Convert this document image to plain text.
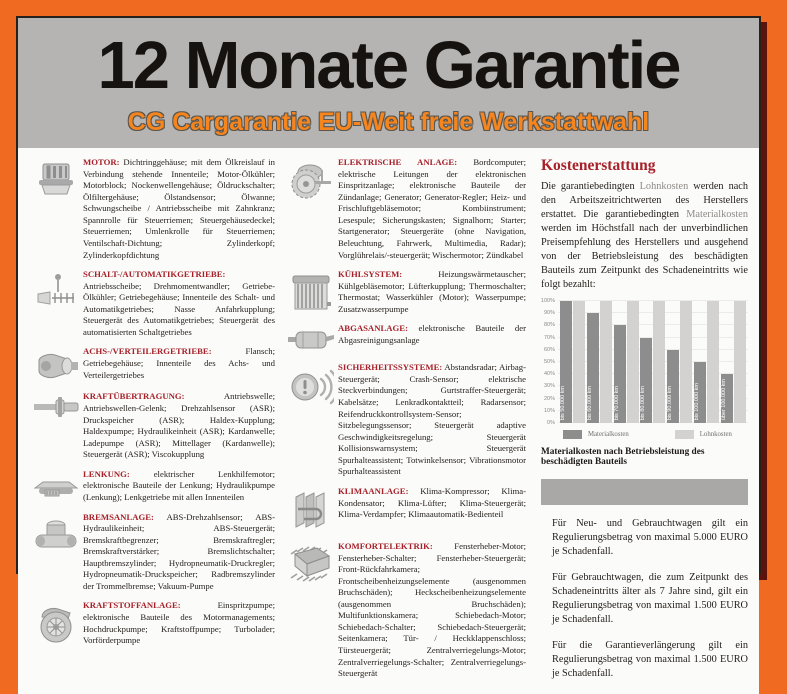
12 Monate Garantie
CG Cargarantie EU-Weit freie Werkstattwahl

MOTOR: Dichtringgehäuse; mit dem Ölkreislauf in Verbindung stehende Innenteile; Motor-Ölkühler; Motorblock; Nockenwellengehäuse; Öldruckschalter; Ölfiltergehäuse; Ölstandsensor; Ölwanne; Schwungscheibe / Antriebsscheibe mit Zahnkranz; Spannrolle für Steuerriemen; Steuergehäusedeckel; Steuerriemen; Umlenkrolle für Steuerriemen; Ventilschaft-Dichtung; Zylinderkopf; Zylinderkopfdichtung

SCHALT-/AUTOMATIKGETRIEBE: Antriebsscheibe; Drehmomentwandler; Getriebe-Ölkühler; Getriebegehäuse; Innenteile des Schalt- und Automatikgetriebes; Nasse Anfahrkupplung; Steuergerät des Automatikgetriebes; Steuergerät des automatisierten Schaltgetriebes

ACHS-/VERTEILERGETRIEBE:	Flansch; Getriebegehäuse; Innenteile des Achs- und Verteilergetriebes

KRAFTÜBERTRAGUNG:	Antriebswelle; Antriebswellen-Gelenk; Drehzahlsensor (ASR); Druckspeicher (ASR); Haldex-Kupplung; Haldexpumpe; Hydraulikeinheit (ASR); Kardanwelle; Ladepumpe (ASR); Mittellager (Kardanwelle); Steuergerät (ASR); Viscokupplung

LENKUNG:	elektrischer Lenkhilfemotor; elektronische Bauteile der Lenkung; Hydraulikpumpe (Lenkung); Lenkgetriebe mit allen Innenteilen

BREMSANLAGE: ABS-Drehzahlsensor; ABS-Hydraulikeinheit; ABS-Steuergerät; Bremskraftbegrenzer; Bremskraftregler; Bremskraftverstärker; Bremslichtschalter; Hauptbremszylinder; Hydropneumatik-Druckregler; Hydropneumatik-Druckspeicher; Radbremszylinder der Trommelbremse; Vakuum-Pumpe

KRAFTSTOFFANLAGE:	Einspritzpumpe; elektronische Bauteile des Motormanagements; Hochdruckpumpe; Kraftstoffpumpe; Turbolader; Vorförderpumpe

ELEKTRISCHE ANLAGE: Bordcomputer; elektrische Leitungen der elektronischen Einspritzanlage; elektronische Bauteile der Zündanlage; Generator; Generator-Regler; Heiz- und Frischluftgebläsemotor; Kombiinstrument; Lesespule; Sicherungskasten; Signalhorn; Starter; Startgenerator; Steuergeräte (ohne Navigation, Beleuchtung, Fahrwerk, Multimedia, Radar); Vorglührelais/-steuergerät; Wischermotor; Zündkabel

KÜHLSYSTEM:	Heizungswärmetauscher; Kühlgebläsemotor; Lüfterkupplung; Thermoschalter; Thermostat; Wasserkühler (Motor); Wasserpumpe; Zusatzwasserpumpe

ABGASANLAGE: elektronische Bauteile der Abgasreinigungsanlage

SICHERHEITSSYSTEME: Abstandsradar; Airbag-Steuergerät; Crash-Sensor; elektrische Steckverbindungen; Gurtstraffer-Steuergerät; Kabelsätze; Lenkradkontaktteil; Radarsensor; Reifendruckkontrollsystem-Sensor; Sitzbelegungssensor; Steuergerät adaptive Geschwindigkeitsregelung; Steuergerät Kollisionswarnsystem; Steuergerät Spurhalteassistent; Totwinkelsensor; Vibrationsmotor Spurhalteassistent

KLIMAANLAGE: Klima-Kompressor; Klima-Kondensator; Klima-Lüfter; Klima-Steuergerät; Klima-Verdampfer; Klimaautomatik-Bedienteil

KOMFORTELEKTRIK: Fensterheber-Motor; Fensterheber-Schalter; Fensterheber-Steuergerät; Front-Rückfahrkamera; Frontscheibenheizungselemente (ausgenommen Bruchschäden); Heckscheibenheizungselemente (ausgenommen Bruchschäden); Multifunktionskamera; Schiebedach-Motor; Schiebedach-Schalter; Schiebedach-Steuergerät; Seitenkamera; Tür- / Heckklappenschloss; Türsteuergerät; Zentralverriegelungs-Motor; Zentralverriegelungs-Schalter; Zentralverriegelungs-Steuergerät

Kostenerstattung

Die garantiebedingten Lohnkosten werden nach den Arbeitszeitrichtwerten des Herstellers erstattet. Die garantiebedingten Materialkosten werden im Höchstfall nach der unverbindlichen Preisempfehlung des Herstellers und ausgehend von der Betriebsleistung des beschädigten Bauteils zum Zeitpunkt des Schadeneintritts wie folgt bezahlt:

0%
10%
20%
30%
40%
50%
60%
70%
80%
90%
100%
bis 50.000 km	bis 60.000 km	bis 70.000 km	bis 80.000 km	bis 90.000 km	bis 100.000 km	über 100.000 km
Materialkosten	Lohnkosten

Materialkosten nach Betriebsleistung des beschädigten Bauteils

Für Neu- und Gebrauchtwagen gilt ein Regulierungsbetrag von maximal 5.000 EURO je Schadenfall.

Für Gebrauchtwagen, die zum Zeitpunkt des Schadeneintritts älter als 7 Jahre sind, gilt ein Regulierungsbetrag von maximal 1.500 EURO je Schadenfall.

Für die Garantieverlängerung gilt ein Regulierungsbetrag von maximal 1.500 EURO je Schadenfall.
